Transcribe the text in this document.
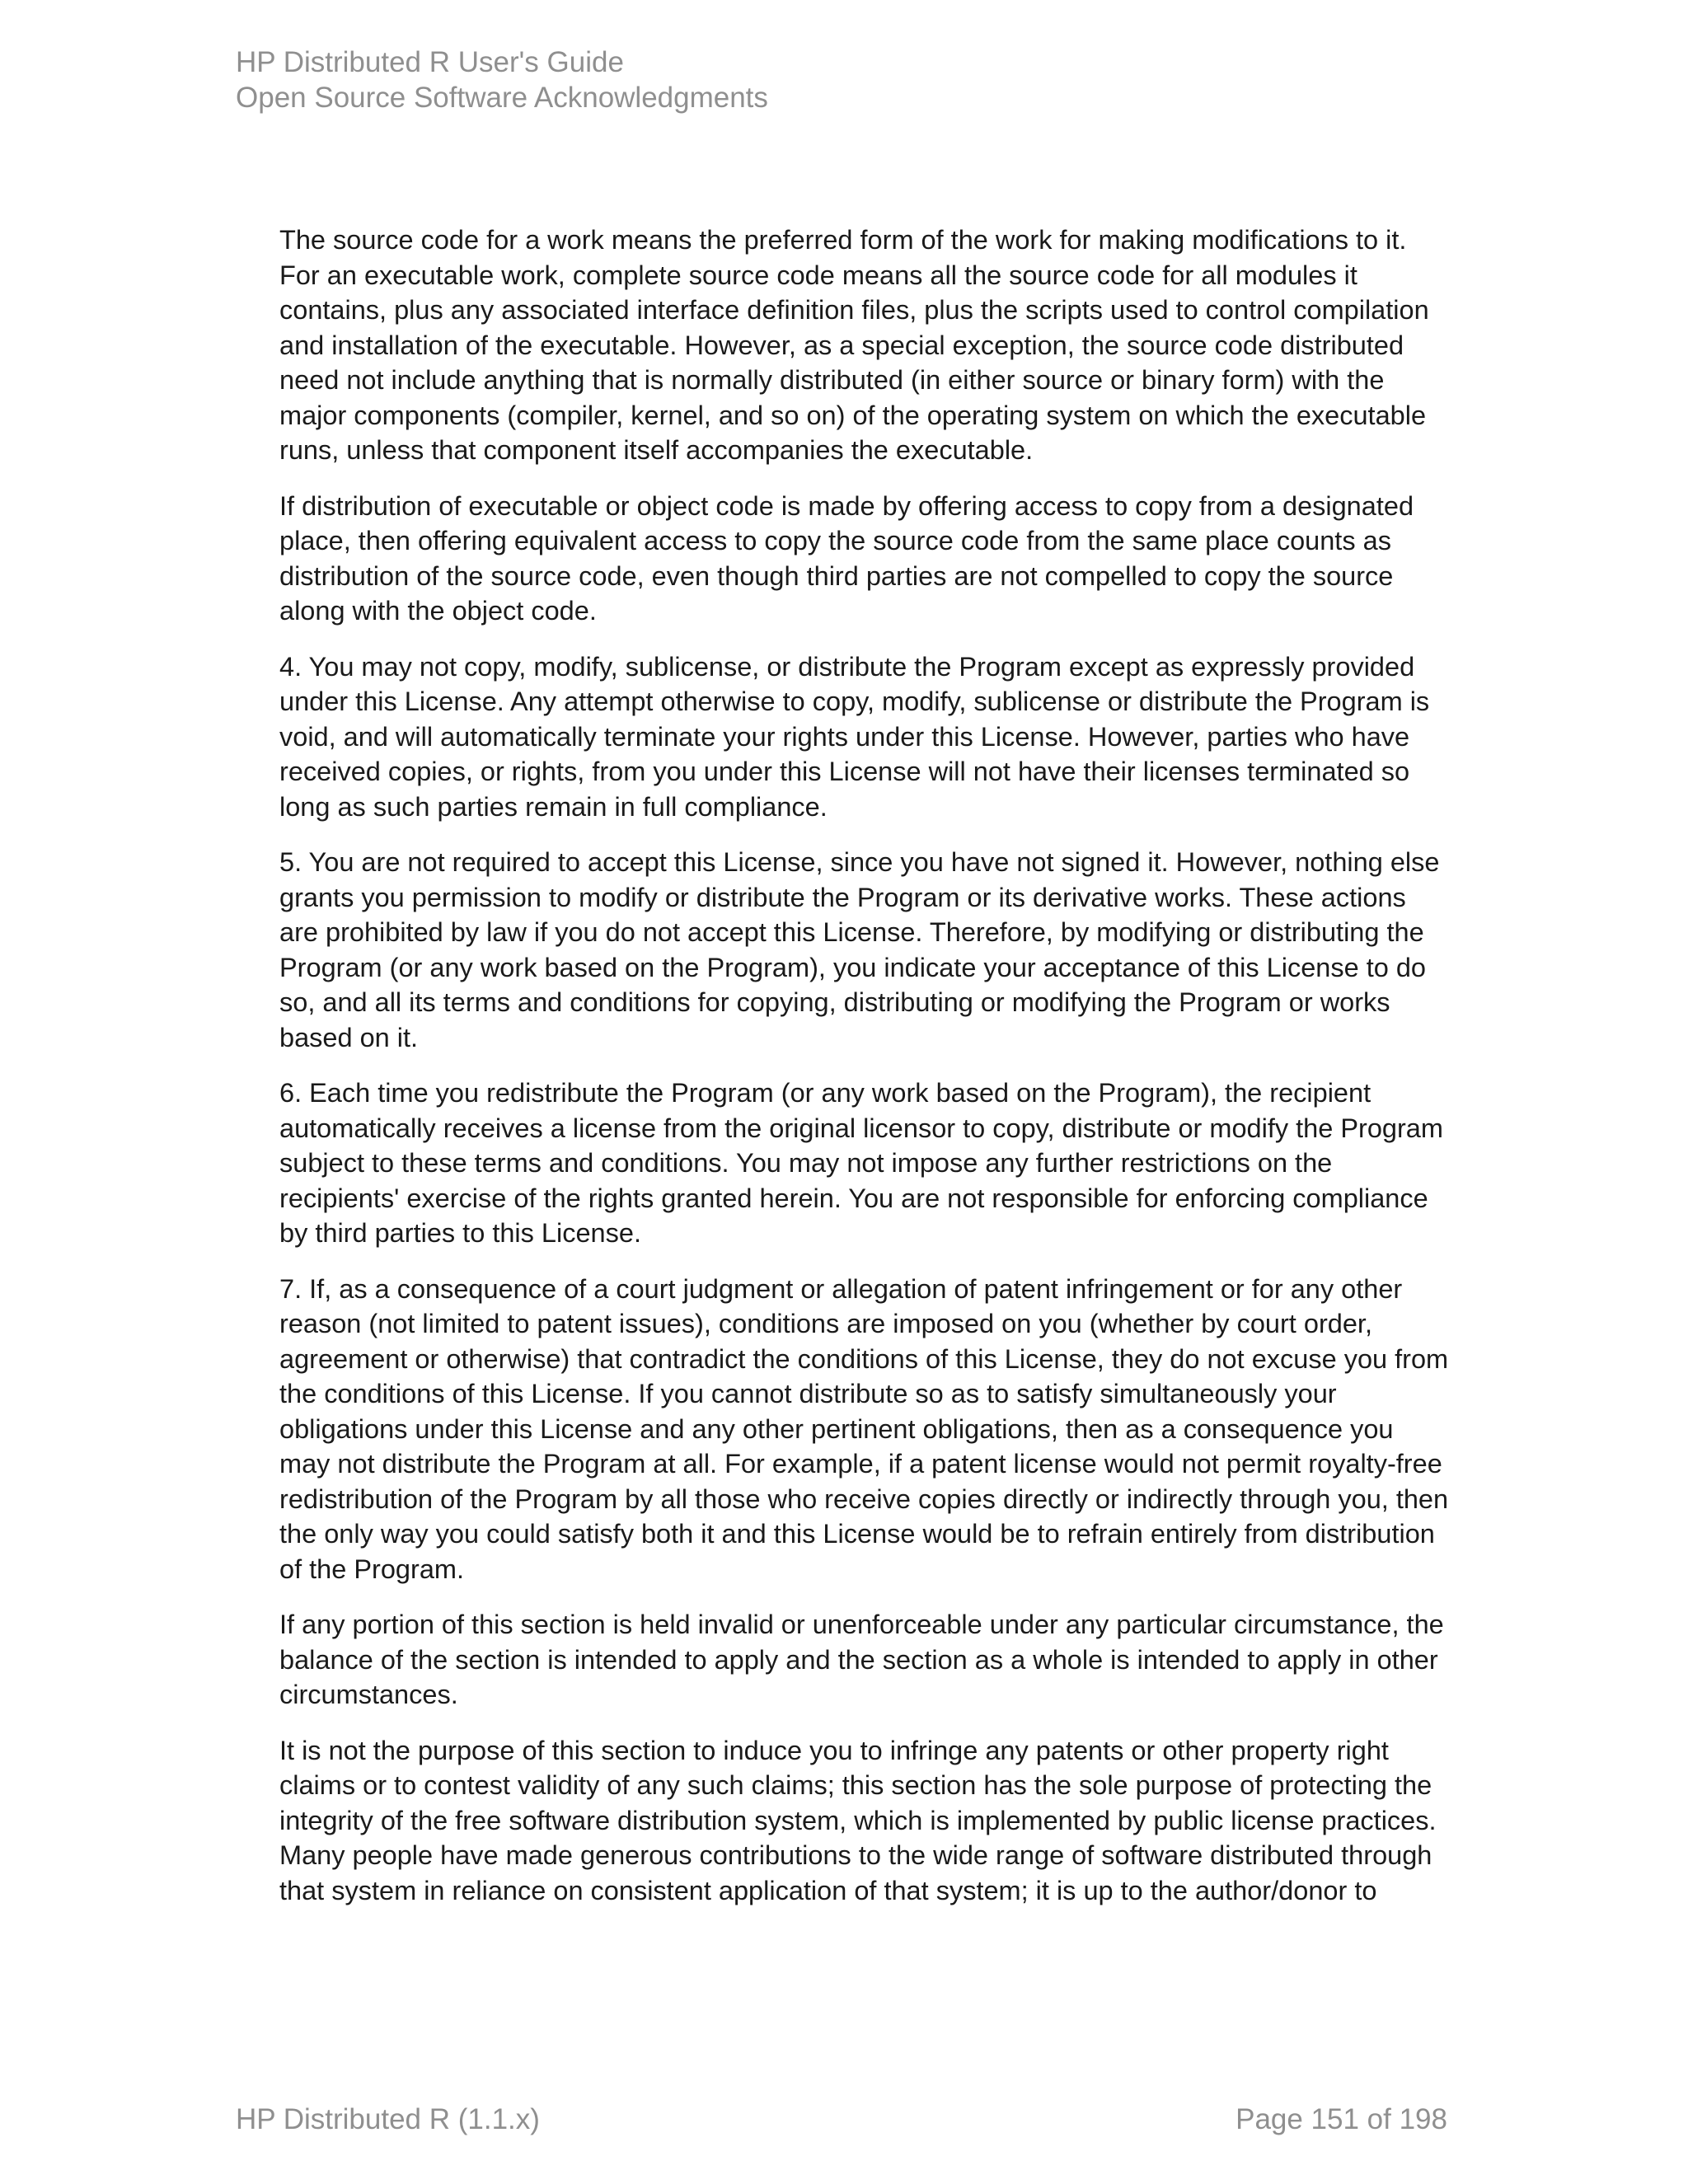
HP Distributed R User's Guide
Open Source Software Acknowledgments

The source code for a work means the preferred form of the work for making modifications to it. For an executable work, complete source code means all the source code for all modules it contains, plus any associated interface definition files, plus the scripts used to control compilation and installation of the executable. However, as a special exception, the source code distributed need not include anything that is normally distributed (in either source or binary form) with the major components (compiler, kernel, and so on) of the operating system on which the executable runs, unless that component itself accompanies the executable.

If distribution of executable or object code is made by offering access to copy from a designated place, then offering equivalent access to copy the source code from the same place counts as distribution of the source code, even though third parties are not compelled to copy the source along with the object code.

4. You may not copy, modify, sublicense, or distribute the Program except as expressly provided under this License. Any attempt otherwise to copy, modify, sublicense or distribute the Program is void, and will automatically terminate your rights under this License. However, parties who have received copies, or rights, from you under this License will not have their licenses terminated so long as such parties remain in full compliance.

5. You are not required to accept this License, since you have not signed it. However, nothing else grants you permission to modify or distribute the Program or its derivative works. These actions are prohibited by law if you do not accept this License. Therefore, by modifying or distributing the Program (or any work based on the Program), you indicate your acceptance of this License to do so, and all its terms and conditions for copying, distributing or modifying the Program or works based on it.

6. Each time you redistribute the Program (or any work based on the Program), the recipient automatically receives a license from the original licensor to copy, distribute or modify the Program subject to these terms and conditions. You may not impose any further restrictions on the recipients' exercise of the rights granted herein. You are not responsible for enforcing compliance by third parties to this License.

7. If, as a consequence of a court judgment or allegation of patent infringement or for any other reason (not limited to patent issues), conditions are imposed on you (whether by court order, agreement or otherwise) that contradict the conditions of this License, they do not excuse you from the conditions of this License. If you cannot distribute so as to satisfy simultaneously your obligations under this License and any other pertinent obligations, then as a consequence you may not distribute the Program at all. For example, if a patent license would not permit royalty-free redistribution of the Program by all those who receive copies directly or indirectly through you, then the only way you could satisfy both it and this License would be to refrain entirely from distribution of the Program.

If any portion of this section is held invalid or unenforceable under any particular circumstance, the balance of the section is intended to apply and the section as a whole is intended to apply in other circumstances.

It is not the purpose of this section to induce you to infringe any patents or other property right claims or to contest validity of any such claims; this section has the sole purpose of protecting the integrity of the free software distribution system, which is implemented by public license practices. Many people have made generous contributions to the wide range of software distributed through that system in reliance on consistent application of that system; it is up to the author/donor to

HP Distributed R (1.1.x)	Page 151 of 198
